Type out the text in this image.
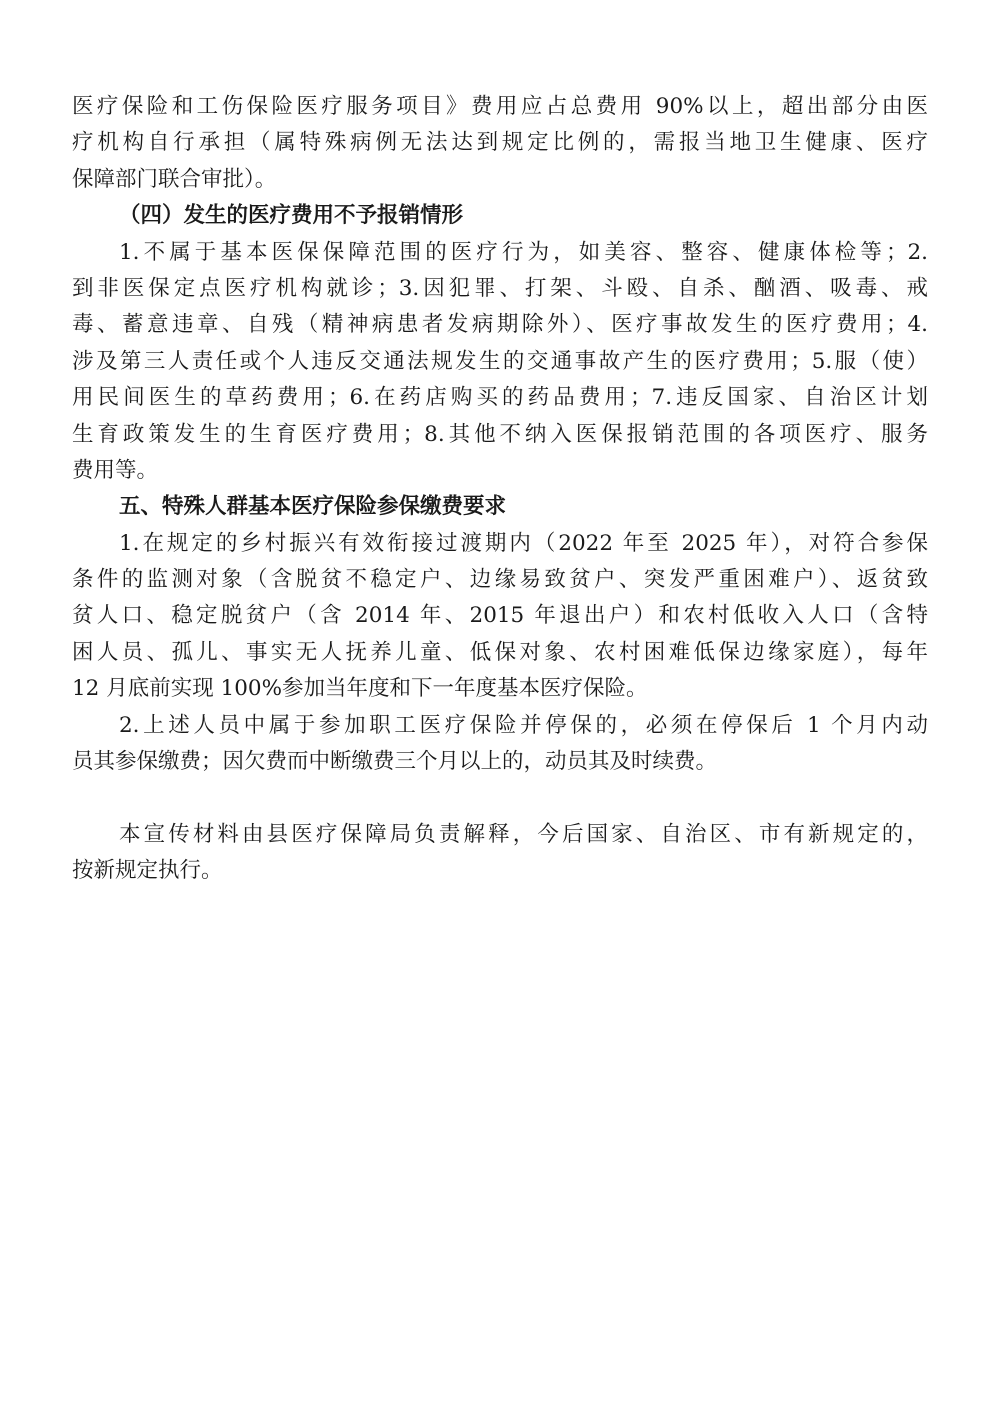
医疗保险和工伤保险医疗服务项目》费用应占总费用 90%以上，超出部分由医
疗机构自行承担（属特殊病例无法达到规定比例的，需报当地卫生健康、医疗
保障部门联合审批）。
（四）发生的医疗费用不予报销情形
1.不属于基本医保保障范围的医疗行为，如美容、整容、健康体检等；2.
到非医保定点医疗机构就诊；3.因犯罪、打架、斗殴、自杀、酗酒、吸毒、戒
毒、蓄意违章、自残（精神病患者发病期除外）、医疗事故发生的医疗费用；4.
涉及第三人责任或个人违反交通法规发生的交通事故产生的医疗费用；5.服（使）
用民间医生的草药费用；6.在药店购买的药品费用；7.违反国家、自治区计划
生育政策发生的生育医疗费用；8.其他不纳入医保报销范围的各项医疗、服务
费用等。
五、特殊人群基本医疗保险参保缴费要求
1.在规定的乡村振兴有效衔接过渡期内（2022 年至 2025 年），对符合参保
条件的监测对象（含脱贫不稳定户、边缘易致贫户、突发严重困难户）、返贫致
贫人口、稳定脱贫户（含 2014 年、2015 年退出户）和农村低收入人口（含特
困人员、孤儿、事实无人抚养儿童、低保对象、农村困难低保边缘家庭），每年
12 月底前实现 100%参加当年度和下一年度基本医疗保险。
2.上述人员中属于参加职工医疗保险并停保的，必须在停保后 1 个月内动
员其参保缴费；因欠费而中断缴费三个月以上的，动员其及时续费。
本宣传材料由县医疗保障局负责解释，今后国家、自治区、市有新规定的，
按新规定执行。
